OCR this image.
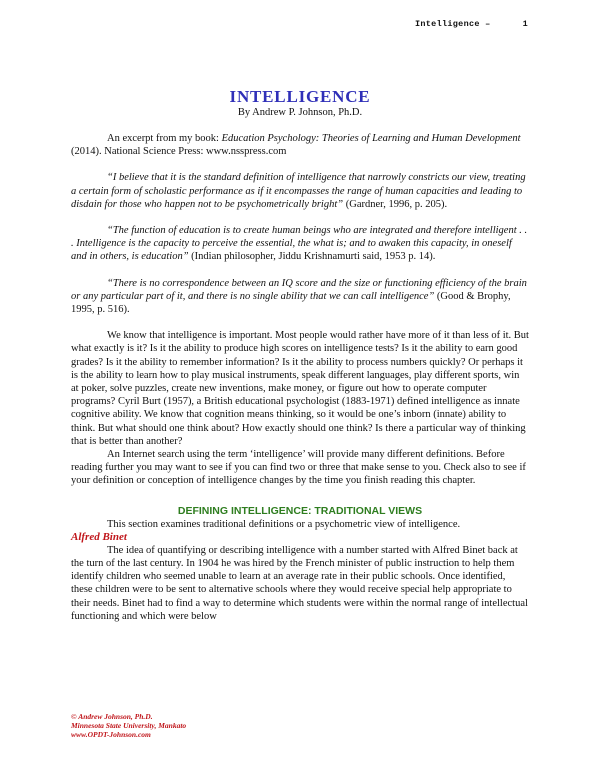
Intelligence –	1
INTELLIGENCE
By Andrew P. Johnson, Ph.D.

An excerpt from my book: Education Psychology: Theories of Learning and Human Development (2014). National Science Press: www.nsspress.com

“I believe that it is the standard definition of intelligence that narrowly constricts our view, treating a certain form of scholastic performance as if it encompasses the range of human capacities and leading to disdain for those who happen not to be psychometrically bright” (Gardner, 1996, p. 205).

“The function of education is to create human beings who are integrated and therefore intelligent . . . Intelligence is the capacity to perceive the essential, the what is; and to awaken this capacity, in oneself and in others, is education” (Indian philosopher, Jiddu Krishnamurti said, 1953 p. 14).

“There is no correspondence between an IQ score and the size or functioning efficiency of the brain or any particular part of it, and there is no single ability that we can call intelligence” (Good & Brophy, 1995, p. 516).

We know that intelligence is important. Most people would rather have more of it than less of it. But what exactly is it? Is it the ability to produce high scores on intelligence tests? Is it the ability to earn good grades? Is it the ability to remember information? Is it the ability to process numbers quickly? Or perhaps it is the ability to learn how to play musical instruments, speak different languages, play different sports, win at poker, solve puzzles, create new inventions, make money, or figure out how to operate computer programs? Cyril Burt (1957), a British educational psychologist (1883-1971) defined intelligence as innate cognitive ability. We know that cognition means thinking, so it would be one’s inborn (innate) ability to think. But what should one think about? How exactly should one think? Is there a particular way of thinking that is better than another?

An Internet search using the term ‘intelligence’ will provide many different definitions. Before reading further you may want to see if you can find two or three that make sense to you. Check also to see if your definition or conception of intelligence changes by the time you finish reading this chapter.

DEFINING INTELLIGENCE: TRADITIONAL VIEWS

This section examines traditional definitions or a psychometric view of intelligence.

Alfred Binet

The idea of quantifying or describing intelligence with a number started with Alfred Binet back at the turn of the last century. In 1904 he was hired by the French minister of public instruction to help them identify children who seemed unable to learn at an average rate in their public schools. Once identified, these children were to be sent to alternative schools where they would receive special help appropriate to their needs. Binet had to find a way to determine which students were within the normal range of intellectual functioning and which were below

© Andrew Johnson, Ph.D.
Minnesota State University, Mankato
www.OPDT-Johnson.com
